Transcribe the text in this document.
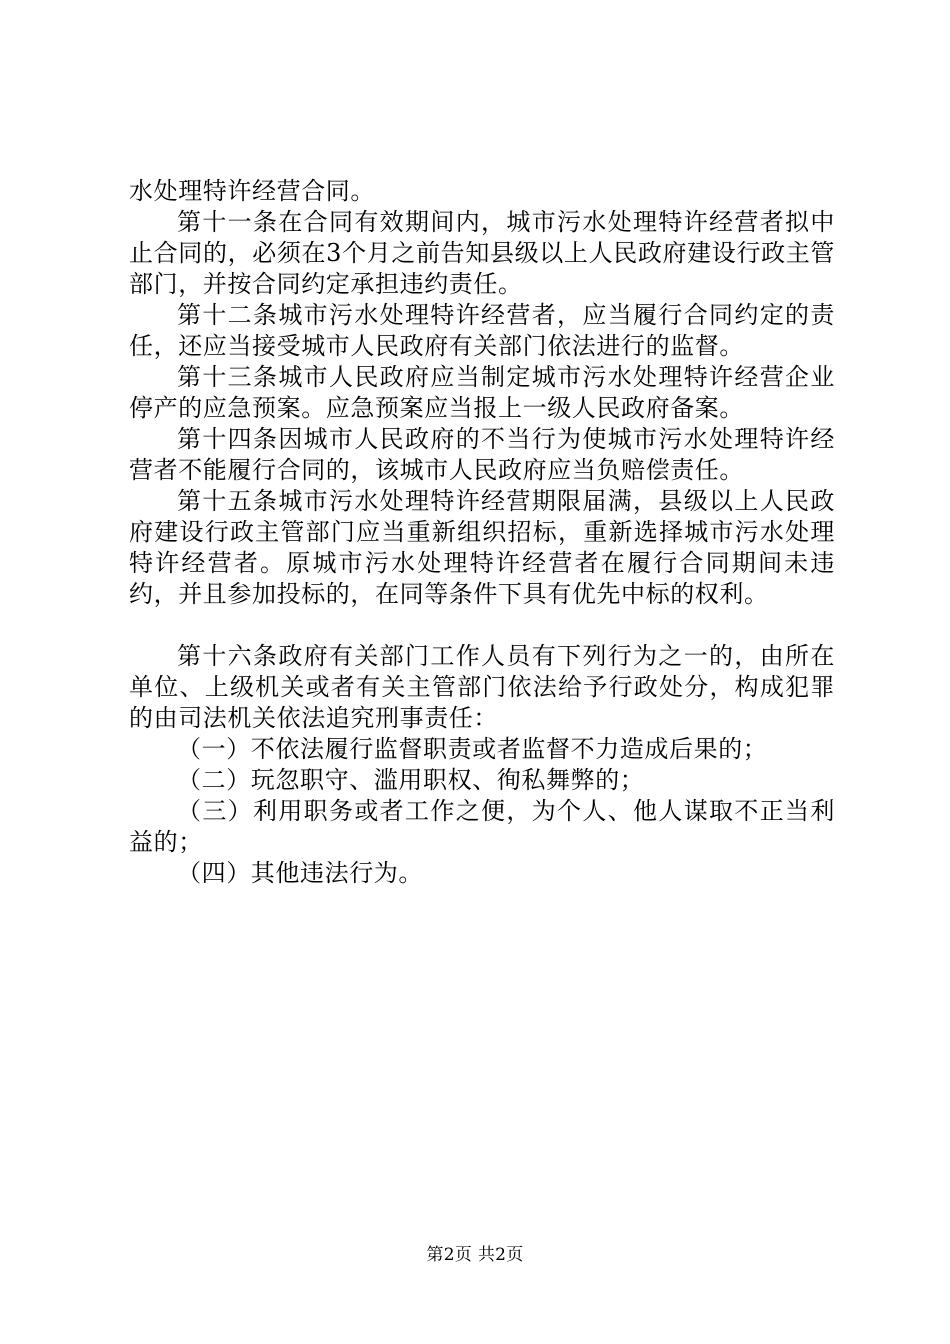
水处理特许经营合同。

第十一条在合同有效期间内，城市污水处理特许经营者拟中止合同的，必须在3个月之前告知县级以上人民政府建设行政主管部门，并按合同约定承担违约责任。

第十二条城市污水处理特许经营者，应当履行合同约定的责任，还应当接受城市人民政府有关部门依法进行的监督。

第十三条城市人民政府应当制定城市污水处理特许经营企业停产的应急预案。应急预案应当报上一级人民政府备案。

第十四条因城市人民政府的不当行为使城市污水处理特许经营者不能履行合同的，该城市人民政府应当负赔偿责任。

第十五条城市污水处理特许经营期限届满，县级以上人民政府建设行政主管部门应当重新组织招标，重新选择城市污水处理特许经营者。原城市污水处理特许经营者在履行合同期间未违约，并且参加投标的，在同等条件下具有优先中标的权利。

第十六条政府有关部门工作人员有下列行为之一的，由所在单位、上级机关或者有关主管部门依法给予行政处分，构成犯罪的由司法机关依法追究刑事责任：

（一）不依法履行监督职责或者监督不力造成后果的；

（二）玩忽职守、滥用职权、徇私舞弊的；

（三）利用职务或者工作之便，为个人、他人谋取不正当利益的；

（四）其他违法行为。

第2页 共2页
